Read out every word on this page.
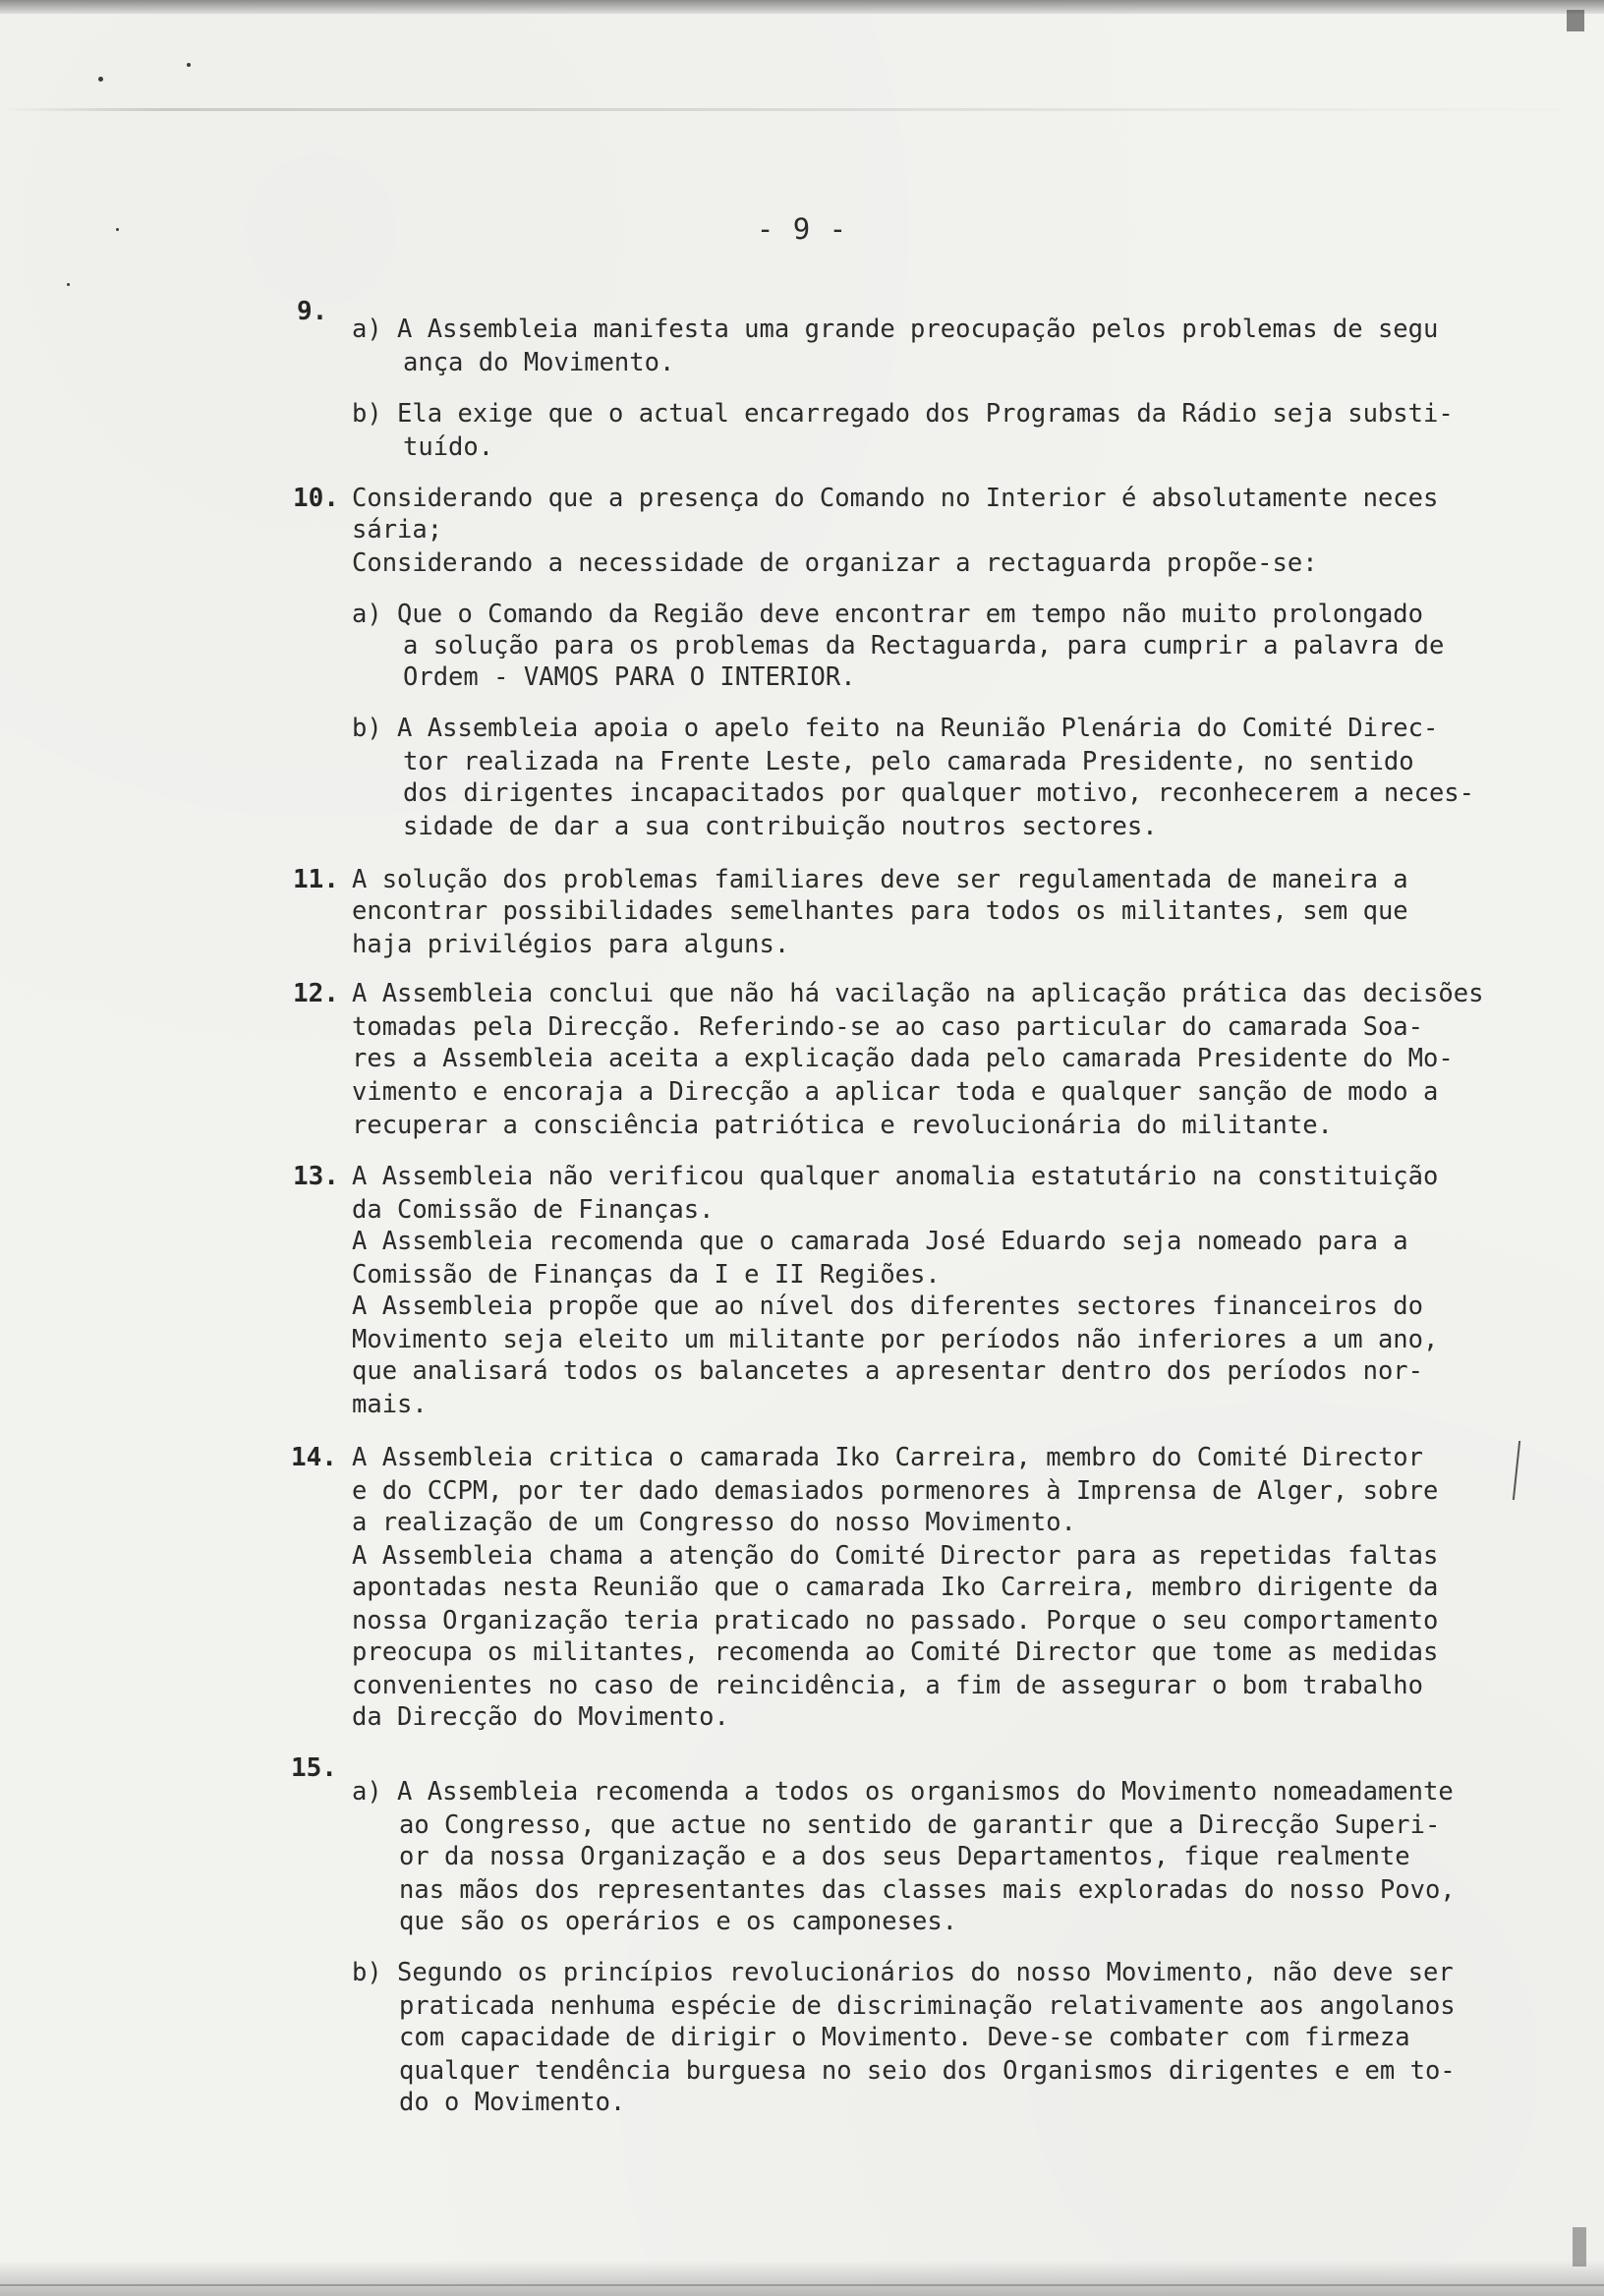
- 9 -
9.
a) A Assembleia manifesta uma grande preocupação pelos problemas de segu
ança do Movimento.
b) Ela exige que o actual encarregado dos Programas da Rádio seja substi-
tuído.
10. Considerando que a presença do Comando no Interior é absolutamente neces
sária;
Considerando a necessidade de organizar a rectaguarda propõe-se:
a) Que o Comando da Região deve encontrar em tempo não muito prolongado
a solução para os problemas da Rectaguarda, para cumprir a palavra de
Ordem - VAMOS PARA O INTERIOR.
b) A Assembleia apoia o apelo feito na Reunião Plenária do Comité Direc-
tor realizada na Frente Leste, pelo camarada Presidente, no sentido
dos dirigentes incapacitados por qualquer motivo, reconhecerem a neces-
sidade de dar a sua contribuição noutros sectores.
11. A solução dos problemas familiares deve ser regulamentada de maneira a
encontrar possibilidades semelhantes para todos os militantes, sem que
haja privilégios para alguns.
12. A Assembleia conclui que não há vacilação na aplicação prática das decisões
tomadas pela Direcção. Referindo-se ao caso particular do camarada Soa-
res a Assembleia aceita a explicação dada pelo camarada Presidente do Mo-
vimento e encoraja a Direcção a aplicar toda e qualquer sanção de modo a
recuperar a consciência patriótica e revolucionária do militante.
13. A Assembleia não verificou qualquer anomalia estatutário na constituição
da Comissão de Finanças.
A Assembleia recomenda que o camarada José Eduardo seja nomeado para a
Comissão de Finanças da I e II Regiões.
A Assembleia propõe que ao nível dos diferentes sectores financeiros do
Movimento seja eleito um militante por períodos não inferiores a um ano,
que analisará todos os balancetes a apresentar dentro dos períodos nor-
mais.
14. A Assembleia critica o camarada Iko Carreira, membro do Comité Director
e do CCPM, por ter dado demasiados pormenores à Imprensa de Alger, sobre
a realização de um Congresso do nosso Movimento.
A Assembleia chama a atenção do Comité Director para as repetidas faltas
apontadas nesta Reunião que o camarada Iko Carreira, membro dirigente da
nossa Organização teria praticado no passado. Porque o seu comportamento
preocupa os militantes, recomenda ao Comité Director que tome as medidas
convenientes no caso de reincidência, a fim de assegurar o bom trabalho
da Direcção do Movimento.
15.
a) A Assembleia recomenda a todos os organismos do Movimento nomeadamente
ao Congresso, que actue no sentido de garantir que a Direcção Superi-
or da nossa Organização e a dos seus Departamentos, fique realmente
nas mãos dos representantes das classes mais exploradas do nosso Povo,
que são os operários e os camponeses.
b) Segundo os princípios revolucionários do nosso Movimento, não deve ser
praticada nenhuma espécie de discriminação relativamente aos angolanos
com capacidade de dirigir o Movimento. Deve-se combater com firmeza
qualquer tendência burguesa no seio dos Organismos dirigentes e em to-
do o Movimento.
